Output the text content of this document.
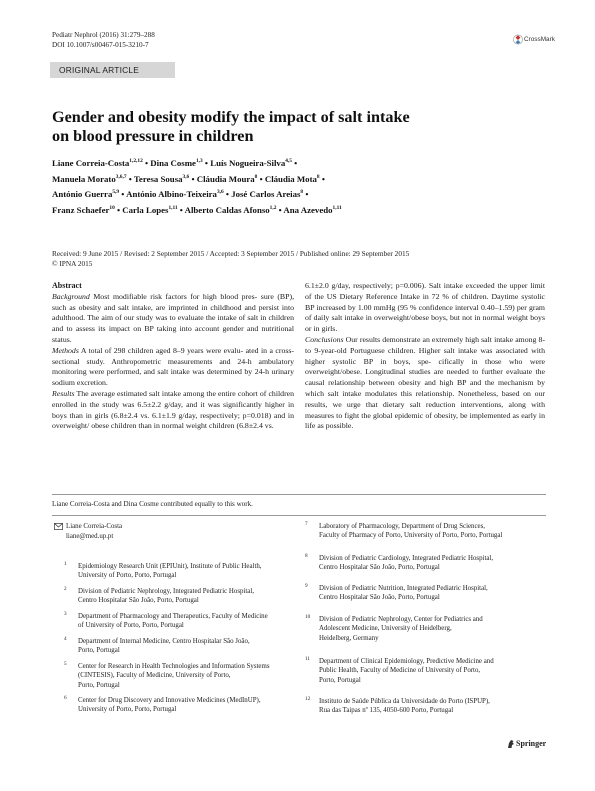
Pediatr Nephrol (2016) 31:279–288
DOI 10.1007/s00467-015-3210-7
CrossMark
ORIGINAL ARTICLE
Gender and obesity modify the impact of salt intake
on blood pressure in children
Liane Correia-Costa$^{1,2,12}$ • Dina Cosme$^{1,3}$ • Luís Nogueira-Silva$^{4,5}$ •
Manuela Morato$^{3,6,7}$ • Teresa Sousa$^{3,6}$ • Cláudia Moura$^8$ • Cláudia Mota$^8$ •
António Guerra$^{5,9}$ • António Albino-Teixeira$^{3,6}$ • José Carlos Areias$^8$ •
Franz Schaefer$^{10}$ • Carla Lopes$^{1,11}$ • Alberto Caldas Afonso$^{1,2}$ • Ana Azevedo$^{1,11}$
Received: 9 June 2015 / Revised: 2 September 2015 / Accepted: 3 September 2015 / Published online: 29 September 2015
© IPNA 2015
Abstract

Background Most modifiable risk factors for high blood pres- sure (BP), such as obesity and salt intake, are imprinted in childhood and persist into adulthood. The aim of our study was to evaluate the intake of salt in children and to assess its impact on BP taking into account gender and nutritional status.

Methods A total of 298 children aged 8–9 years were evalu- ated in a cross-sectional study. Anthropometric measurements and 24-h ambulatory monitoring were performed, and salt intake was determined by 24-h urinary sodium excretion.

Results The average estimated salt intake among the entire cohort of children enrolled in the study was 6.5±2.2 g/day, and it was significantly higher in boys than in girls (6.8±2.4 vs. 6.1±1.9 g/day, respectively; p=0.018) and in overweight/ obese children than in normal weight children (6.8±2.4 vs.

6.1±2.0 g/day, respectively; p=0.006). Salt intake exceeded the upper limit of the US Dietary Reference Intake in 72 % of children. Daytime systolic BP increased by 1.00 mmHg (95 % confidence interval 0.40–1.59) per gram of daily salt intake in overweight/obese boys, but not in normal weight boys or in girls.

Conclusions Our results demonstrate an extremely high salt intake among 8- to 9-year-old Portuguese children. Higher salt intake was associated with higher systolic BP in boys, spe- cifically in those who were overweight/obese. Longitudinal studies are needed to further evaluate the causal relationship between obesity and high BP and the mechanism by which salt intake modulates this relationship. Nonetheless, based on our results, we urge that dietary salt reduction interventions, along with measures to fight the global epidemic of obesity, be implemented as early in life as possible.

Liane Correia-Costa and Dina Cosme contributed equally to this work.
Liane Correia-Costa
liane@med.up.pt
1 Epidemiology Research Unit (EPIUnit), Institute of Public Health,
University of Porto, Porto, Portugal
2 Division of Pediatric Nephrology, Integrated Pediatric Hospital,
Centro Hospitalar São João, Porto, Portugal
3 Department of Pharmacology and Therapeutics, Faculty of Medicine
of University of Porto, Porto, Portugal
4 Department of Internal Medicine, Centro Hospitalar São João,
Porto, Portugal
5 Center for Research in Health Technologies and Information Systems
(CINTESIS), Faculty of Medicine, University of Porto,
Porto, Portugal
6 Center for Drug Discovery and Innovative Medicines (MedInUP),
University of Porto, Porto, Portugal
7 Laboratory of Pharmacology, Department of Drug Sciences,
Faculty of Pharmacy of Porto, University of Porto, Porto, Portugal
8 Division of Pediatric Cardiology, Integrated Pediatric Hospital,
Centro Hospitalar São João, Porto, Portugal
9 Division of Pediatric Nutrition, Integrated Pediatric Hospital,
Centro Hospitalar São João, Porto, Portugal
10 Division of Pediatric Nephrology, Center for Pediatrics and
Adolescent Medicine, University of Heidelberg,
Heidelberg, Germany
11 Department of Clinical Epidemiology, Predictive Medicine and
Public Health, Faculty of Medicine of University of Porto,
Porto, Portugal
12 Instituto de Saúde Pública da Universidade do Porto (ISPUP),
Rua das Taipas nº 135, 4050-600 Porto, Portugal
Springer
